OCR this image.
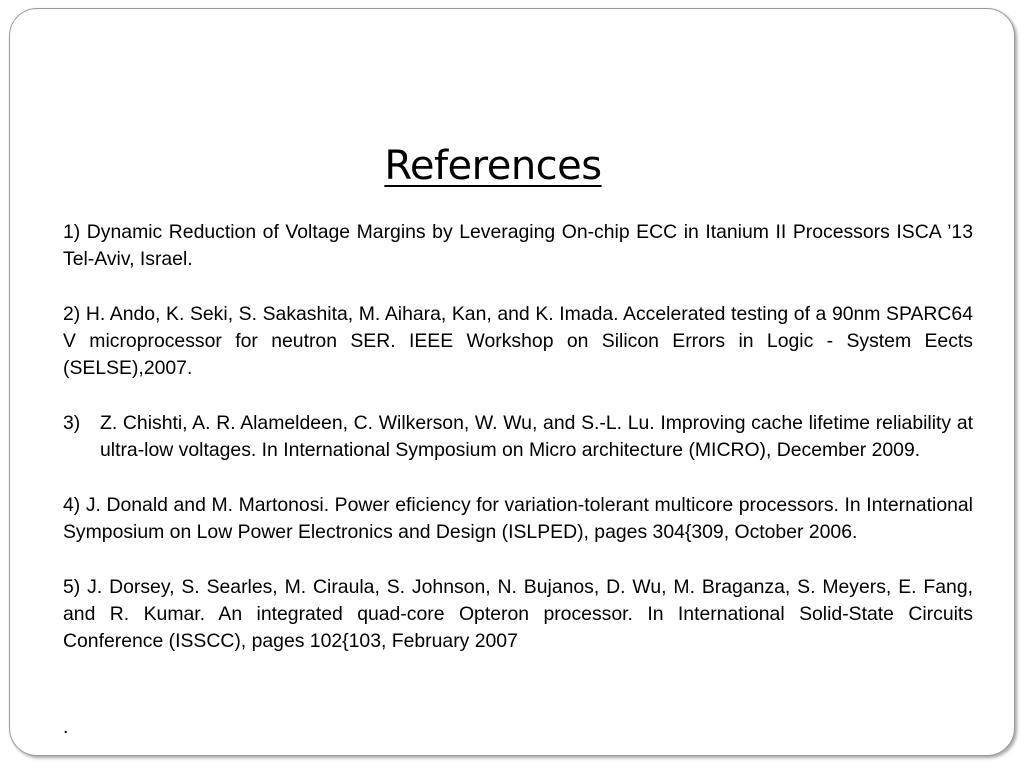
References

1) Dynamic Reduction of Voltage Margins by Leveraging On-chip ECC in Itanium II Processors ISCA ’13 Tel-Aviv, Israel.

2) H. Ando, K. Seki, S. Sakashita, M. Aihara, Kan, and K. Imada. Accelerated testing of a 90nm SPARC64 V microprocessor for neutron SER. IEEE Workshop on Silicon Errors in Logic - System Eects (SELSE),2007.

3)	Z. Chishti, A. R. Alameldeen, C. Wilkerson, W. Wu, and S.-L. Lu. Improving cache lifetime reliability at ultra-low voltages. In International Symposium on Micro architecture (MICRO), December 2009.

4) J. Donald and M. Martonosi. Power eficiency for variation-tolerant multicore processors. In International Symposium on Low Power Electronics and Design (ISLPED), pages 304{309, October 2006.

5) J. Dorsey, S. Searles, M. Ciraula, S. Johnson, N. Bujanos, D. Wu, M. Braganza, S. Meyers, E. Fang, and R. Kumar. An integrated quad-core Opteron processor. In International Solid-State Circuits Conference (ISSCC), pages 102{103, February 2007

.
